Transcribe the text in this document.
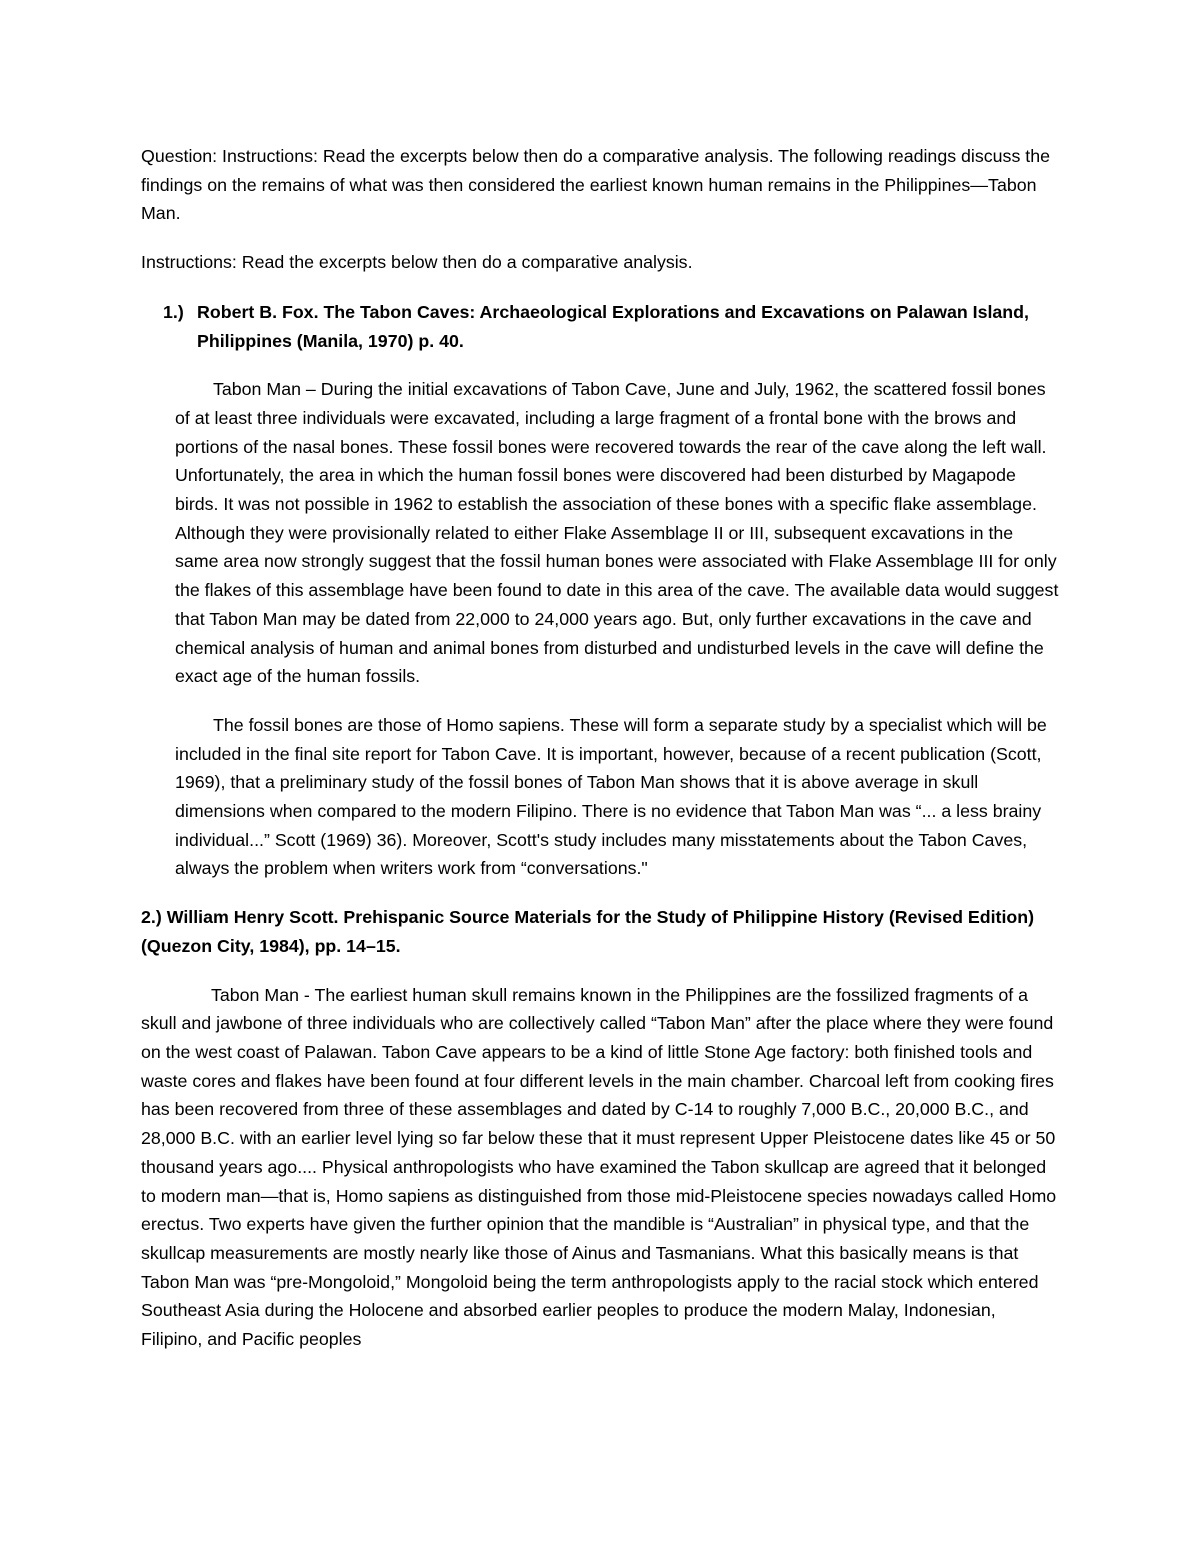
Question: Instructions: Read the excerpts below then do a comparative analysis. The following readings discuss the findings on the remains of what was then considered the earliest known human remains in the Philippines—Tabon Man.

Instructions: Read the excerpts below then do a comparative analysis.

1.) Robert B. Fox. The Tabon Caves: Archaeological Explorations and Excavations on Palawan Island, Philippines (Manila, 1970) p. 40.

Tabon Man – During the initial excavations of Tabon Cave, June and July, 1962, the scattered fossil bones of at least three individuals were excavated, including a large fragment of a frontal bone with the brows and portions of the nasal bones. These fossil bones were recovered towards the rear of the cave along the left wall. Unfortunately, the area in which the human fossil bones were discovered had been disturbed by Magapode birds. It was not possible in 1962 to establish the association of these bones with a specific flake assemblage. Although they were provisionally related to either Flake Assemblage II or III, subsequent excavations in the same area now strongly suggest that the fossil human bones were associated with Flake Assemblage III for only the flakes of this assemblage have been found to date in this area of the cave. The available data would suggest that Tabon Man may be dated from 22,000 to 24,000 years ago. But, only further excavations in the cave and chemical analysis of human and animal bones from disturbed and undisturbed levels in the cave will define the exact age of the human fossils.

The fossil bones are those of Homo sapiens. These will form a separate study by a specialist which will be included in the final site report for Tabon Cave. It is important, however, because of a recent publication (Scott, 1969), that a preliminary study of the fossil bones of Tabon Man shows that it is above average in skull dimensions when compared to the modern Filipino. There is no evidence that Tabon Man was “... a less brainy individual...” Scott (1969) 36). Moreover, Scott's study includes many misstatements about the Tabon Caves, always the problem when writers work from “conversations."

2.) William Henry Scott. Prehispanic Source Materials for the Study of Philippine History (Revised Edition) (Quezon City, 1984), pp. 14–15.

Tabon Man - The earliest human skull remains known in the Philippines are the fossilized fragments of a skull and jawbone of three individuals who are collectively called “Tabon Man” after the place where they were found on the west coast of Palawan. Tabon Cave appears to be a kind of little Stone Age factory: both finished tools and waste cores and flakes have been found at four different levels in the main chamber. Charcoal left from cooking fires has been recovered from three of these assemblages and dated by C-14 to roughly 7,000 B.C., 20,000 B.C., and 28,000 B.C. with an earlier level lying so far below these that it must represent Upper Pleistocene dates like 45 or 50 thousand years ago.... Physical anthropologists who have examined the Tabon skullcap are agreed that it belonged to modern man—that is, Homo sapiens as distinguished from those mid-Pleistocene species nowadays called Homo erectus. Two experts have given the further opinion that the mandible is “Australian” in physical type, and that the skullcap measurements are mostly nearly like those of Ainus and Tasmanians. What this basically means is that Tabon Man was “pre-Mongoloid,” Mongoloid being the term anthropologists apply to the racial stock which entered Southeast Asia during the Holocene and absorbed earlier peoples to produce the modern Malay, Indonesian, Filipino, and Pacific peoples
